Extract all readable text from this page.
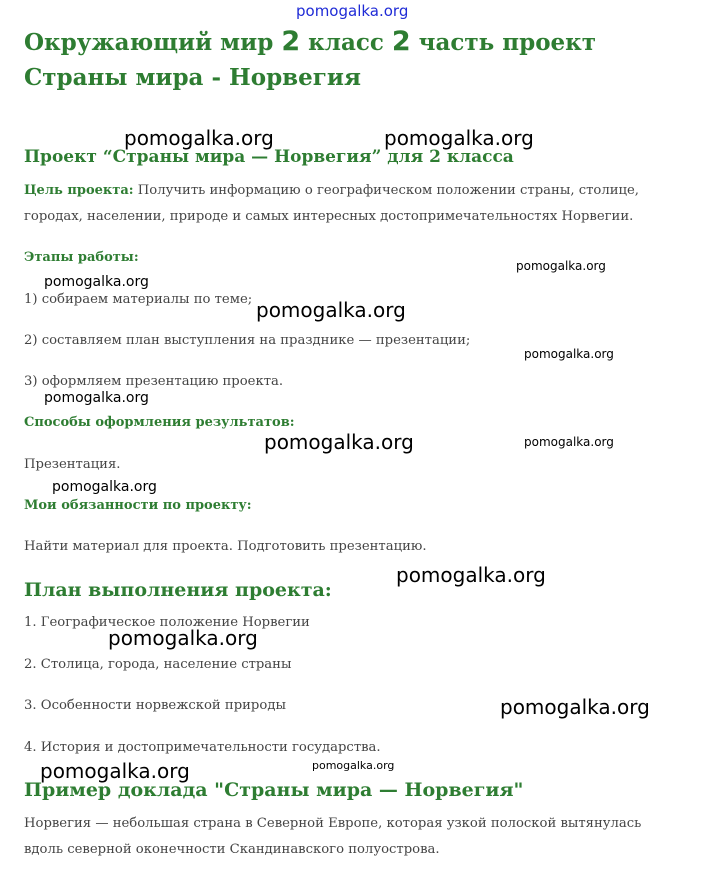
pomogalka.org
Окружающий мир 2 класс 2 часть проект Страны мира - Норвегия
Проект “Страны мира — Норвегия” для 2 класса
Цель проекта: Получить информацию о географическом положении страны, столице, городах, населении, природе и самых интересных достопримечательностях Норвегии.
Этапы работы:
1) собираем материалы по теме;
2) составляем план выступления на празднике — презентации;
3) оформляем презентацию проекта.
Способы оформления результатов:
Презентация.
Мои обязанности по проекту:
Найти материал для проекта. Подготовить презентацию.
План выполнения проекта:
1. Географическое положение Норвегии
2. Столица, города, население страны
3. Особенности норвежской природы
4. История и достопримечательности государства.
Пример доклада "Страны мира — Норвегия"
Норвегия — небольшая страна в Северной Европе, которая узкой полоской вытянулась вдоль северной оконечности Скандинавского полуострова.
pomogalka.org	pomogalka.org
pomogalka.org
pomogalka.org
pomogalka.org
pomogalka.org
pomogalka.org
pomogalka.org	pomogalka.org
pomogalka.org
pomogalka.org
pomogalka.org
pomogalka.org
pomogalka.org	pomogalka.org
